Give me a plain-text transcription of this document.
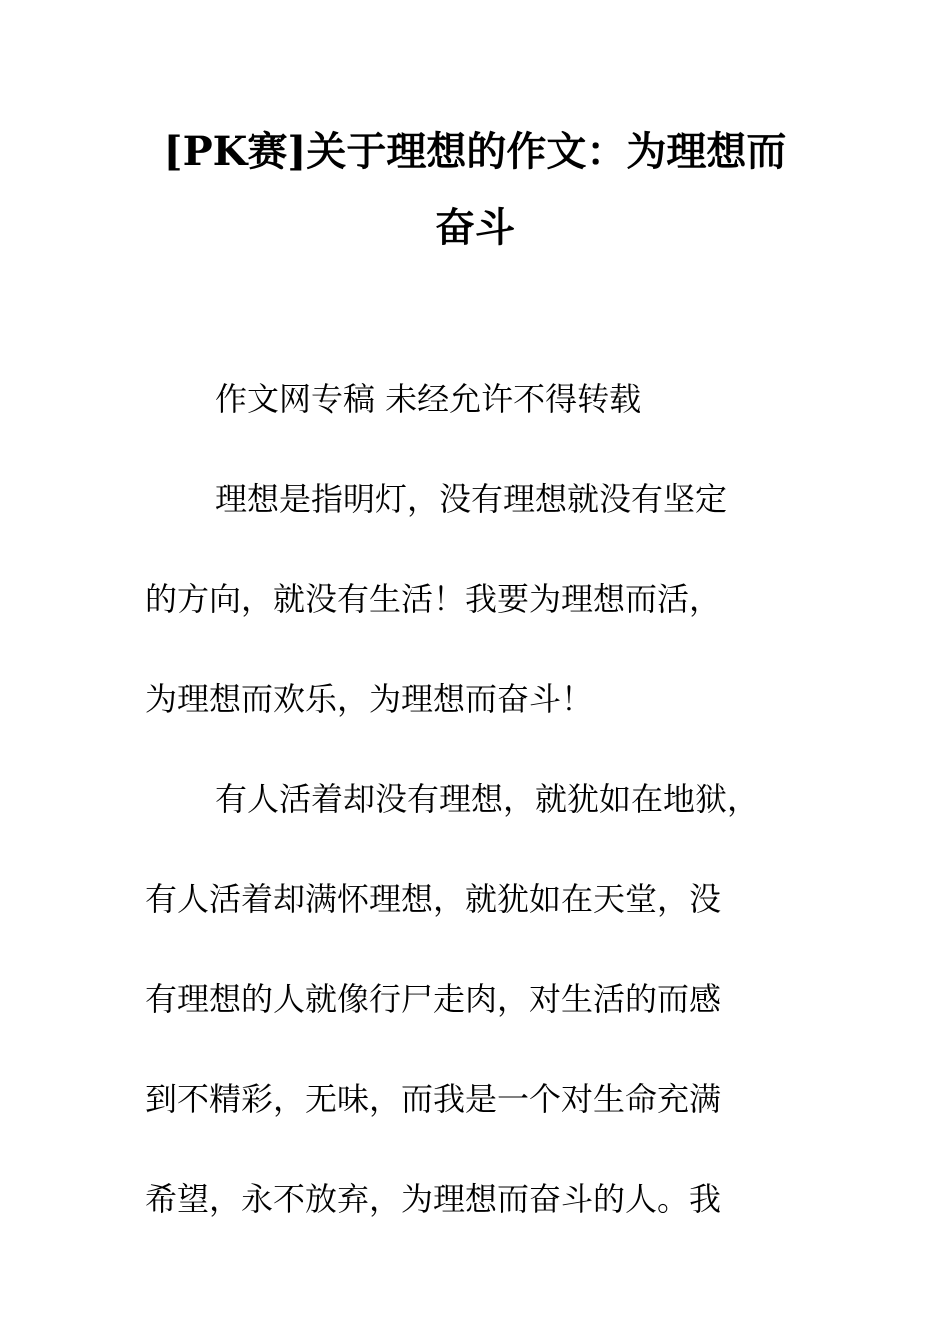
[PK赛]关于理想的作文：为理想而
奋斗

作文网专稿 未经允许不得转载

理想是指明灯，没有理想就没有坚定

的方向，就没有生活！我要为理想而活，

为理想而欢乐，为理想而奋斗！

有人活着却没有理想，就犹如在地狱，

有人活着却满怀理想，就犹如在天堂，没

有理想的人就像行尸走肉，对生活的而感

到不精彩，无味，而我是一个对生命充满

希望，永不放弃，为理想而奋斗的人。我
